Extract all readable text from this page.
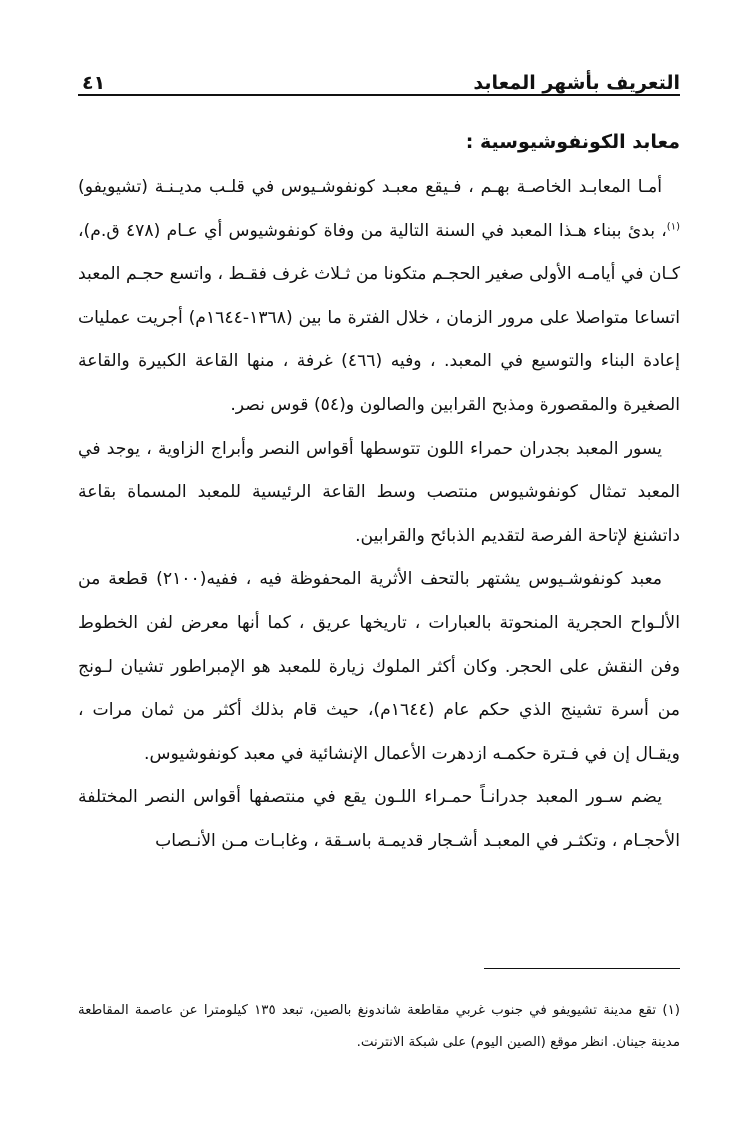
التعريف بأشهر المعابد
٤١
معابد الكونفوشيوسية :

أمـا المعابـد الخاصـة بهـم ، فـيقع معبـد كونفوشـيوس في قلـب مديـنـة (تشيويفو)$^{(١)}$، بدئ ببناء هـذا المعبد في السنة التالية من وفاة كونفوشيوس أي عـام (٤٧٨ ق.م)، كـان في أيامـه الأولى صغير الحجـم متكونا من ثـلاث غرف فقـط ، واتسع حجـم المعبد اتساعا متواصلا على مرور الزمان ، خلال الفترة ما بين (١٣٦٨-١٦٤٤م) أجريت عمليات إعادة البناء والتوسيع في المعبد. ، وفيه (٤٦٦) غرفة ، منها القاعة الكبيرة والقاعة الصغيرة والمقصورة ومذبح القرابين والصالون و(٥٤) قوس نصر.

يسور المعبد بجدران حمراء اللون تتوسطها أقواس النصر وأبراج الزاوية ، يوجد في المعبد تمثال كونفوشيوس منتصب وسط القاعة الرئيسية للمعبد المسماة بقاعة داتشنغ لإتاحة الفرصة لتقديم الذبائح والقرابين.

معبد كونفوشـيوس يشتهر بالتحف الأثرية المحفوظة فيه ، ففيه(٢١٠٠) قطعة من الألـواح الحجرية المنحوتة بالعبارات ، تاريخها عريق ، كما أنها معرض لفن الخطوط وفن النقش على الحجر. وكان أكثر الملوك زيارة للمعبد هو الإمبراطور تشيان لـونج من أسرة تشينج الذي حكم عام (١٦٤٤م)، حيث قام بذلك أكثر من ثمان مرات ، ويقـال إن في فـترة حكمـه ازدهرت الأعمال الإنشائية في معبد كونفوشيوس.

يضم سـور المعبد جدرانـاً حمـراء اللـون يقع في منتصفها أقواس النصر المختلفة الأحجـام ، وتكثـر في المعبـد أشـجار قديمـة باسـقة ، وغابـات مـن الأنـصاب

(١) تقع مدينة تشيويفو في جنوب غربي مقاطعة شاندونغ بالصين، تبعد ١٣٥ كيلومترا عن عاصمة المقاطعة مدينة جينان. انظر موقع (الصين اليوم) على شبكة الانترنت.
